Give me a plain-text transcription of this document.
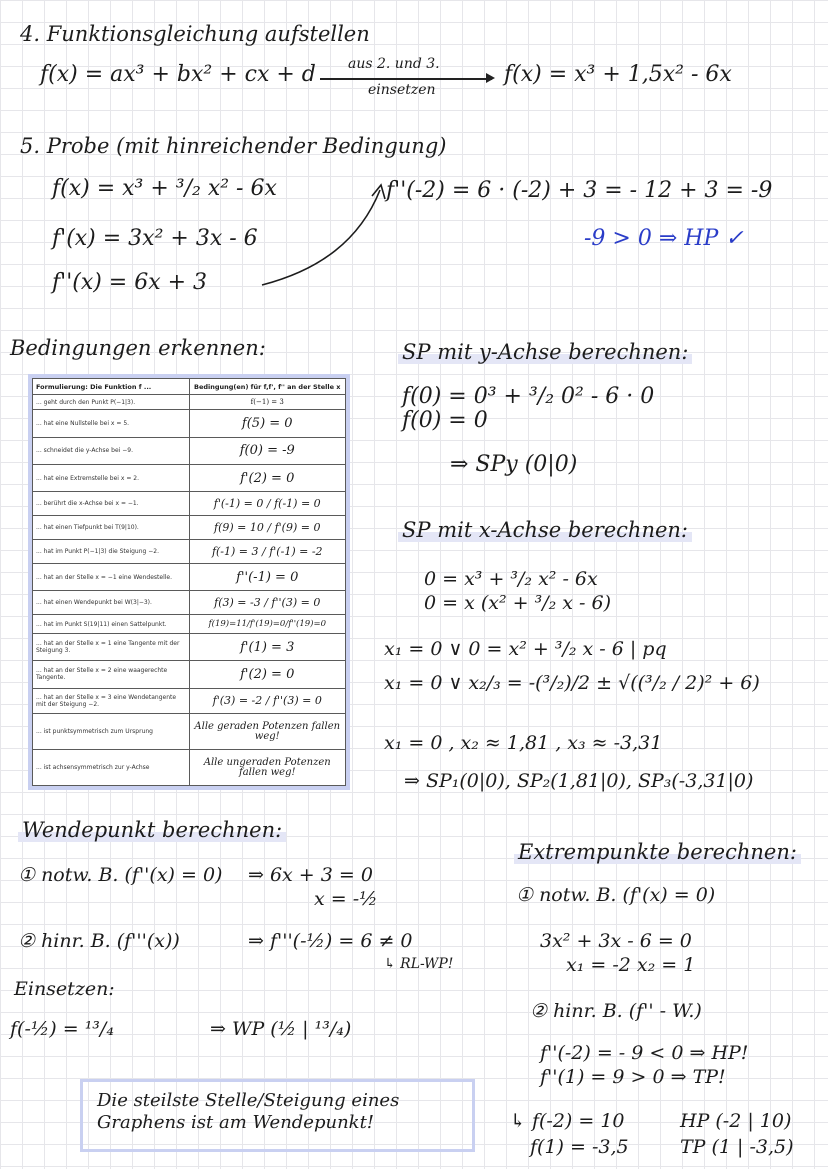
4. Funktionsgleichung aufstellen
f(x) = ax³ + bx² + cx + d aus 2. und 3.
einsetzen
f(x) = x³ + 1,5x² - 6x
5. Probe (mit hinreichender Bedingung)
f(x) = x³ + ³/₂ x² - 6x
f'(x) = 3x² + 3x - 6
f''(x) = 6x + 3
f''(-2) = 6 · (-2) + 3 = - 12 + 3 = -9
-9 > 0 ⇒ HP ✓
Bedingungen erkennen:
Formulierung: Die Funktion f ...	Bedingung(en) für f,f', f'' an der Stelle x
... geht durch den Punkt P(−1|3).	f(−1) = 3
... hat eine Nullstelle bei x = 5.	f(5) = 0
... schneidet die y-Achse bei −9.	f(0) = -9
... hat eine Extremstelle bei x = 2.	f'(2) = 0
... berührt die x-Achse bei x = −1.	f'(-1) = 0 / f(-1) = 0
... hat einen Tiefpunkt bei T(9|10).	f(9) = 10 / f'(9) = 0
... hat im Punkt P(−1|3) die Steigung −2.	f(-1) = 3 / f'(-1) = -2
... hat an der Stelle x = −1 eine Wendestelle.	f''(-1) = 0
... hat einen Wendepunkt bei W(3|−3).	f(3) = -3 / f''(3) = 0
... hat im Punkt S(19|11) einen Sattelpunkt.	f(19)=11/f'(19)=0/f''(19)=0
... hat an der Stelle x = 1 eine Tangente mit der Steigung 3.	f'(1) = 3
... hat an der Stelle x = 2 eine waagerechte Tangente.	f'(2) = 0
... hat an der Stelle x = 3 eine Wendetangente mit der Steigung −2.	f'(3) = -2 / f''(3) = 0
... ist punktsymmetrisch zum Ursprung	Alle geraden Potenzen fallen weg!
... ist achsensymmetrisch zur y-Achse	Alle ungeraden Potenzen fallen weg!
SP mit y-Achse berechnen:
f(0) = 0³ + ³/₂ 0² - 6 · 0
f(0) = 0
⇒ SPy (0|0)
SP mit x-Achse berechnen:
0 = x³ + ³/₂ x² - 6x
0 = x (x² + ³/₂ x - 6)
x₁ = 0 ∨ 0 = x² + ³/₂ x - 6 | pq
x₁ = 0 ∨ x₂/₃ = -(³/₂)/2 ± √((³/₂ / 2)² + 6)
x₁ = 0 , x₂ ≈ 1,81 , x₃ ≈ -3,31
⇒ SP₁(0|0), SP₂(1,81|0), SP₃(-3,31|0)
Wendepunkt berechnen:
① notw. B. (f''(x) = 0) ⇒ 6x + 3 = 0
x = -½
② hinr. B. (f'''(x))	⇒ f'''(-½) = 6 ≠ 0
↳ RL-WP!
Einsetzen:
f(-½) = ¹³/₄	⇒ WP (½ | ¹³/₄)
Die steilste Stelle/Steigung eines Graphens ist am Wendepunkt!
Extrempunkte berechnen:
① notw. B. (f'(x) = 0)
3x² + 3x - 6 = 0
x₁ = -2 x₂ = 1
② hinr. B. (f'' - W.)
f''(-2) = - 9 < 0 ⇒ HP!
f''(1) = 9 > 0 ⇒ TP!
↳ f(-2) = 10	HP (-2 | 10)
f(1) = -3,5	TP (1 | -3,5)
